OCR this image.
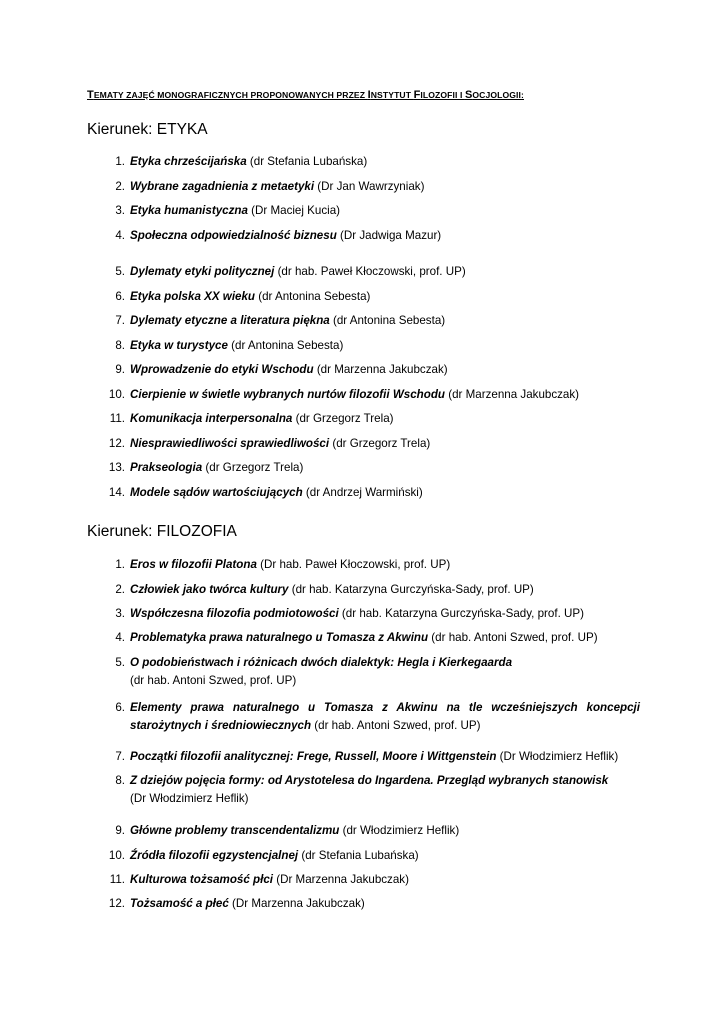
TEMATY ZAJĘĆ MONOGRAFICZNYCH PROPONOWANYCH PRZEZ INSTYTUT FILOZOFII I SOCJOLOGII:
Kierunek: ETYKA
1. Etyka chrześcijańska (dr Stefania Lubańska)
2. Wybrane zagadnienia z metaetyki (Dr Jan Wawrzyniak)
3. Etyka humanistyczna (Dr Maciej Kucia)
4. Społeczna odpowiedzialność biznesu (Dr Jadwiga Mazur)
5. Dylematy etyki politycznej (dr hab. Paweł Kłoczowski, prof. UP)
6. Etyka polska XX wieku (dr Antonina Sebesta)
7. Dylematy etyczne a literatura piękna (dr Antonina Sebesta)
8. Etyka w turystyce (dr Antonina Sebesta)
9. Wprowadzenie do etyki Wschodu (dr Marzenna Jakubczak)
10. Cierpienie w świetle wybranych nurtów filozofii Wschodu (dr Marzenna Jakubczak)
11. Komunikacja interpersonalna (dr Grzegorz Trela)
12. Niesprawiedliwości sprawiedliwości (dr Grzegorz Trela)
13. Prakseologia (dr Grzegorz Trela)
14. Modele sądów wartościujących (dr Andrzej Warmiński)
Kierunek: FILOZOFIA
1. Eros w filozofii Platona (Dr hab. Paweł Kłoczowski, prof. UP)
2. Człowiek jako twórca kultury (dr hab. Katarzyna Gurczyńska-Sady, prof. UP)
3. Współczesna filozofia podmiotowości (dr hab. Katarzyna Gurczyńska-Sady, prof. UP)
4. Problematyka prawa naturalnego u Tomasza z Akwinu (dr hab. Antoni Szwed, prof. UP)
5. O podobieństwach i różnicach dwóch dialektyk: Hegla i Kierkegaarda
(dr hab. Antoni Szwed, prof. UP)
6. Elementy prawa naturalnego u Tomasza z Akwinu na tle wcześniejszych koncepcji starożytnych i średniowiecznych (dr hab. Antoni Szwed, prof. UP)
7. Początki filozofii analitycznej: Frege, Russell, Moore i Wittgenstein (Dr Włodzimierz Heflik)
8. Z dziejów pojęcia formy: od Arystotelesa do Ingardena. Przegląd wybranych stanowisk
(Dr Włodzimierz Heflik)
9. Główne problemy transcendentalizmu (dr Włodzimierz Heflik)
10. Źródła filozofii egzystencjalnej (dr Stefania Lubańska)
11. Kulturowa tożsamość płci (Dr Marzenna Jakubczak)
12. Tożsamość a płeć (Dr Marzenna Jakubczak)
